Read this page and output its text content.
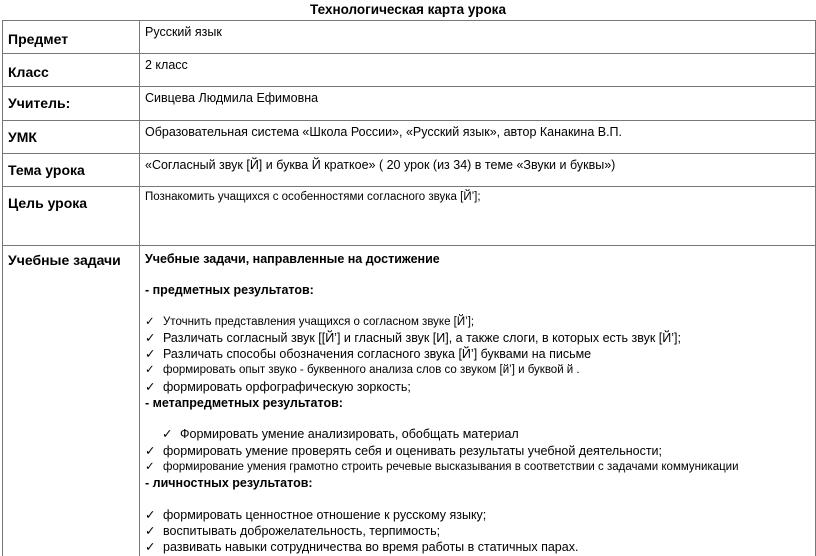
Технологическая карта урока
Предмет	Русский язык
Класс	2 класс
Учитель:	Сивцева Людмила Ефимовна
УМК	Образовательная система «Школа России», «Русский язык», автор Канакина В.П.
Тема урока	«Согласный звук [Й] и буква Й краткое» ( 20 урок (из 34) в теме «Звуки и буквы»)
Цель урока	Познакомить учащихся с особенностями согласного звука [Й’];
Учебные задачи	Учебные задачи, направленные на достижение
- предметных результатов:
✓ Уточнить представления учащихся о согласном звуке [Й’];
✓ Различать согласный звук [[Й’] и гласный звук [И], а также слоги, в которых есть звук [Й’];
✓ Различать способы обозначения согласного звука [Й’] буквами на письме
✓ формировать опыт звуко - буквенного анализа слов со звуком [й’] и буквой й .
✓ формировать орфографическую зоркость;
- метапредметных результатов:
✓ Формировать умение анализировать, обобщать материал
✓ формировать умение проверять себя и оценивать результаты учебной деятельности;
✓ формирование умения грамотно строить речевые высказывания в соответствии с задачами коммуникации
- личностных результатов:
✓ формировать ценностное отношение к русскому языку;
✓ воспитывать доброжелательность, терпимость;
✓ развивать навыки сотрудничества во время работы в статичных парах.
